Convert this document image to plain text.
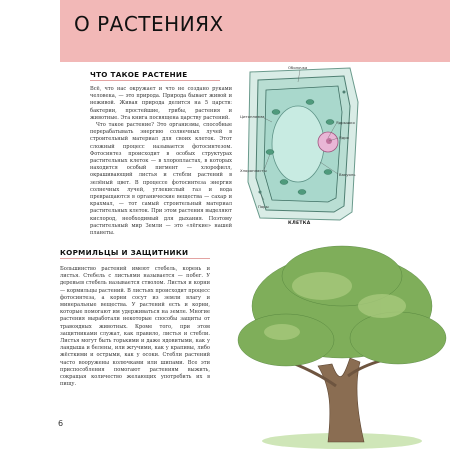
О РАСТЕНИЯХ
ЧТО ТАКОЕ РАСТЕНИЕ

Всё, что нас окружает и что не создано руками человека, — это природа. Природа бывает живой и неживой. Живая природа делится на 5 царств: бактерии, простейшие, грибы, растения и животные. Эта книга посвящена царству растений.

Что такое растение? Это организмы, способные перерабатывать энергию солнечных лучей в строительный материал для своих клеток. Этот сложный процесс называется фотосинтезом. Фотосинтез происходит в особых структурах растительных клеток — в хлоропластах, в которых находится особый пигмент — хлорофилл, окрашивающий листья и стебли растений в зелёный цвет. В процессе фотосинтеза энергия солнечных лучей, углекислый газ и вода превращаются в органические вещества — сахар и крахмал, — тот самый строительный материал растительных клеток. При этом растения выделяют кислород, необходимый для дыхания. Поэтому растительный мир Земли — это «лёгкие» нашей планеты.

Оболочка
Цитоплазма
Ядрышко
Ядро
Хлоропласты
Вакуоль
Поры
КЛЕТКА
КОРМИЛЬЦЫ И ЗАЩИТНИКИ

Большинство растений имеют стебель, корень и листья. Стебель с листьями называется — побег. У деревьев стебель называется стволом. Листья и корни — кормильцы растений. В листьях происходит процесс фотосинтеза, а корни сосут из земли влагу и минеральные вещества. У растений есть и корни, которые помогают им удерживаться на земле. Многие растения выработали некоторые способы защиты от травоядных животных. Кроме того, при этом защитниками служат, как правило, листья и стебли. Листья могут быть горькими и даже ядовитыми, как у ландыша и белены, или жгучими, как у крапивы, либо жёсткими и острыми, как у осоки. Стебли растений часто вооружены колючками или шипами. Все эти приспособления помогают растениям выжить, сокращая количество желающих употребить их в пищу.

6
